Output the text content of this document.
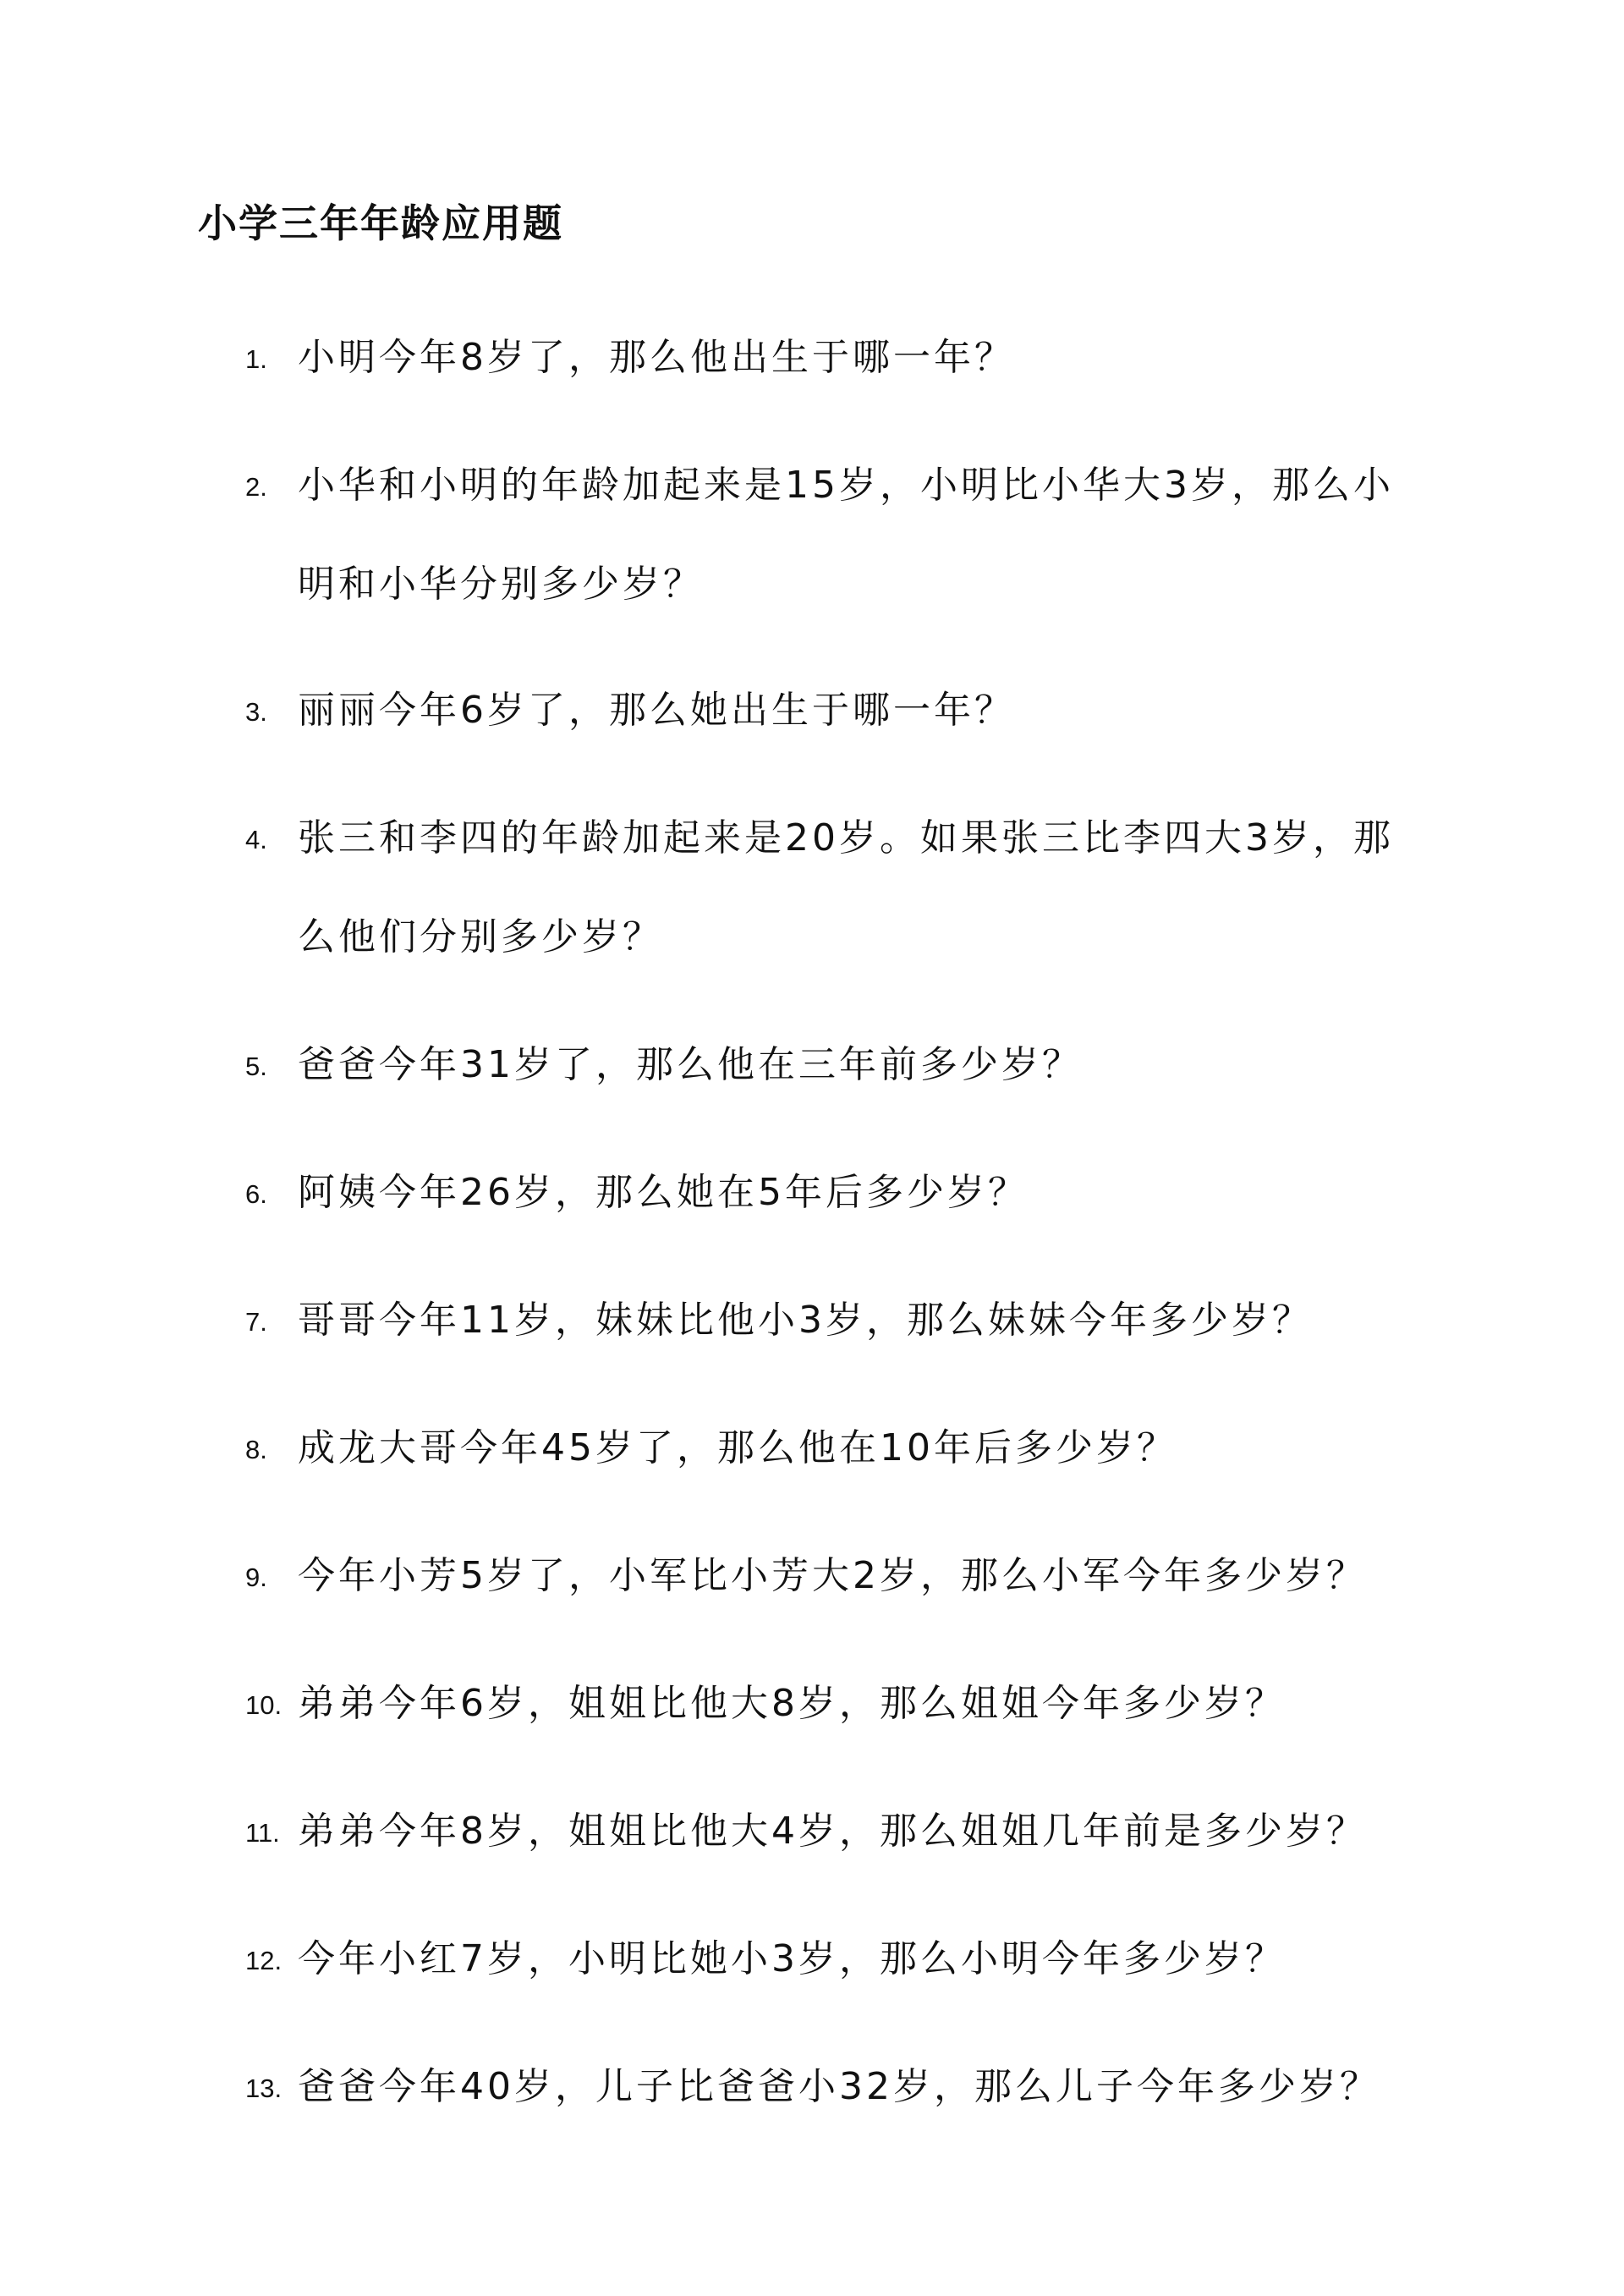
小学三年年龄应用题
1. 小明今年8岁了，那么他出生于哪一年？
2. 小华和小明的年龄加起来是15岁，小明比小华大3岁，那么小
明和小华分别多少岁？
3. 丽丽今年6岁了，那么她出生于哪一年？
4. 张三和李四的年龄加起来是20岁。如果张三比李四大3岁，那
么他们分别多少岁？
5. 爸爸今年31岁了，那么他在三年前多少岁？
6. 阿姨今年26岁，那么她在5年后多少岁？
7. 哥哥今年11岁，妹妹比他小3岁，那么妹妹今年多少岁？
8. 成龙大哥今年45岁了，那么他在10年后多少岁？
9. 今年小芳5岁了，小军比小芳大2岁，那么小军今年多少岁？
10. 弟弟今年6岁，姐姐比他大8岁，那么姐姐今年多少岁？
11. 弟弟今年8岁，姐姐比他大4岁，那么姐姐几年前是多少岁？
12. 今年小红7岁，小明比她小3岁，那么小明今年多少岁？
13. 爸爸今年40岁，儿子比爸爸小32岁，那么儿子今年多少岁？
